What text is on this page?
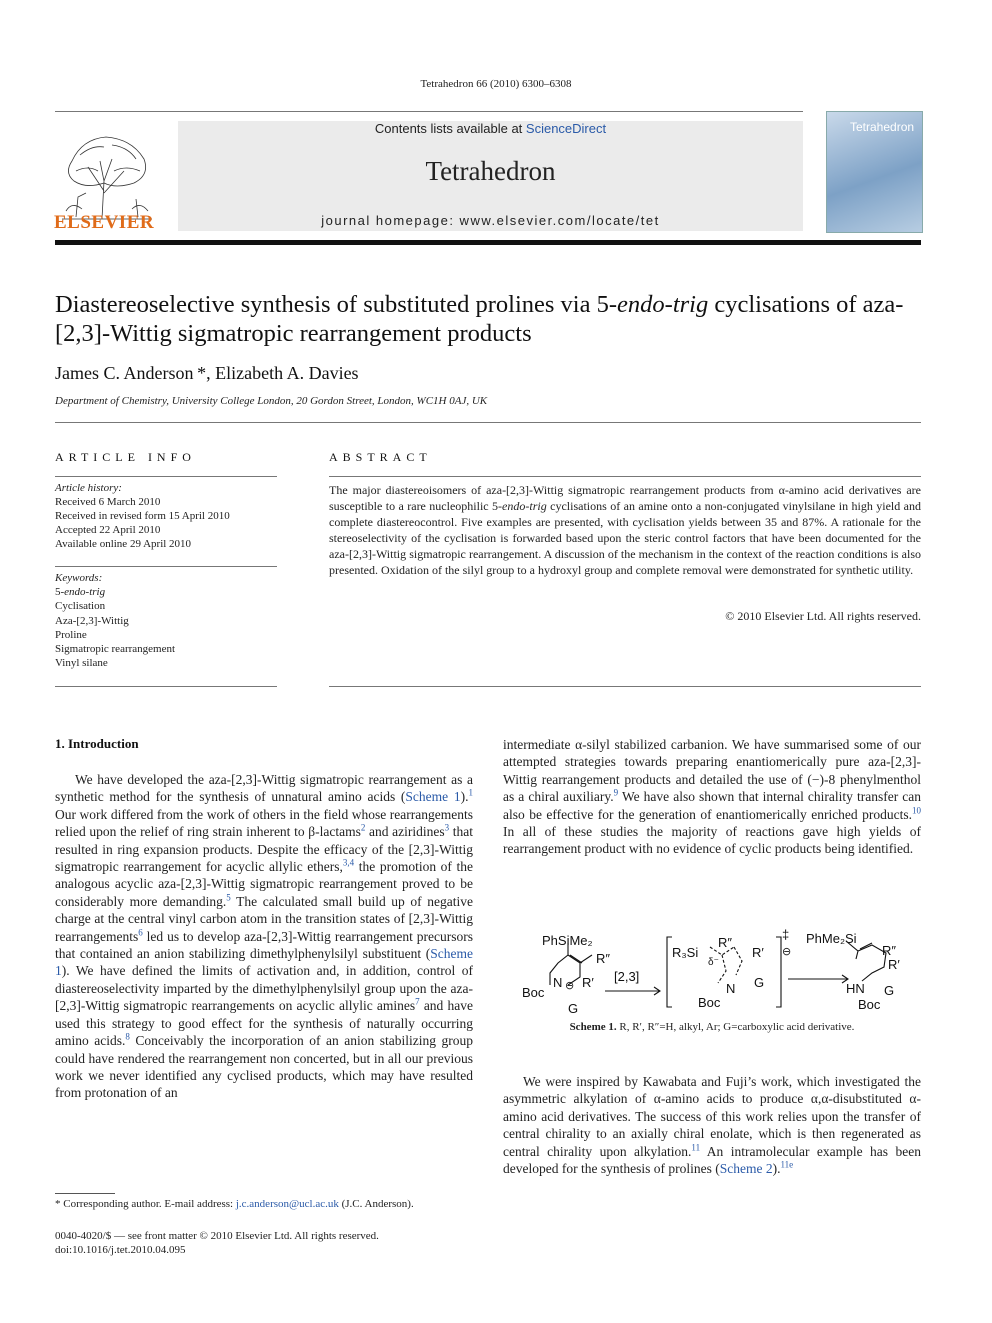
Tetrahedron 66 (2010) 6300–6308
ELSEVIER
Contents lists available at ScienceDirect
Tetrahedron
journal homepage: www.elsevier.com/locate/tet
Tetrahedron
Diastereoselective synthesis of substituted prolines via 5-endo-trig cyclisations of aza-[2,3]-Wittig sigmatropic rearrangement products
James C. Anderson *, Elizabeth A. Davies
Department of Chemistry, University College London, 20 Gordon Street, London, WC1H 0AJ, UK
ARTICLE INFO	ABSTRACT
Article history:
Received 6 March 2010
Received in revised form 15 April 2010
Accepted 22 April 2010
Available online 29 April 2010
Keywords:
5-endo-trig
Cyclisation
Aza-[2,3]-Wittig
Proline
Sigmatropic rearrangement
Vinyl silane
The major diastereoisomers of aza-[2,3]-Wittig sigmatropic rearrangement products from α-amino acid derivatives are susceptible to a rare nucleophilic 5-endo-trig cyclisations of an amine onto a non-conjugated vinylsilane in high yield and complete diastereocontrol. Five examples are presented, with cyclisation yields between 35 and 87%. A rationale for the stereoselectivity of the cyclisation is forwarded based upon the steric control factors that have been documented for the aza-[2,3]-Wittig sigmatropic rearrangement. A discussion of the mechanism in the context of the reaction conditions is also presented. Oxidation of the silyl group to a hydroxyl group and complete removal were demonstrated for synthetic utility.
© 2010 Elsevier Ltd. All rights reserved.
1. Introduction
We have developed the aza-[2,3]-Wittig sigmatropic rearrangement as a synthetic method for the synthesis of unnatural amino acids (Scheme 1).$^1$ Our work differed from the work of others in the field whose rearrangements relied upon the relief of ring strain inherent to β-lactams$^2$ and aziridines$^3$ that resulted in ring expansion products. Despite the efficacy of the [2,3]-Wittig sigmatropic rearrangement for acyclic allylic ethers,$^{3,4}$ the promotion of the analogous acyclic aza-[2,3]-Wittig sigmatropic rearrangement proved to be considerably more demanding.$^5$ The calculated small build up of negative charge at the central vinyl carbon atom in the transition states of [2,3]-Wittig rearrangements$^6$ led us to develop aza-[2,3]-Wittig rearrangement precursors that contained an anion stabilizing dimethylphenylsilyl substituent (Scheme 1). We have defined the limits of activation and, in addition, control of diastereoselectivity imparted by the dimethylphenylsilyl group upon the aza-[2,3]-Wittig sigmatropic rearrangements on acyclic allylic amines$^7$ and have used this strategy to good effect for the synthesis of naturally occurring amino acids.$^8$ Conceivably the incorporation of an anion stabilizing group could have rendered the rearrangement non concerted, but in all our previous work we never identified any cyclised products, which may have resulted from protonation of an
intermediate α-silyl stabilized carbanion. We have summarised some of our attempted strategies towards preparing enantiomerically pure aza-[2,3]-Wittig rearrangement products and detailed the use of (−)-8 phenylmenthol as a chiral auxiliary.$^9$ We have also shown that internal chirality transfer can also be effective for the generation of enantiomerically enriched products.$^{10}$ In all of these studies the majority of reactions gave high yields of rearrangement product with no evidence of cyclic products being identified.
PhSiMe₂
R″
R′
N ⊖
Boc
G
[2,3]
R₃Si
R″
R′
δ⁻
N
Boc
G
‡
⊖
PhMe₂Si
R″
R′
HN
Boc
G
Scheme 1. R, R′, R″=H, alkyl, Ar; G=carboxylic acid derivative.
We were inspired by Kawabata and Fuji’s work, which investigated the asymmetric alkylation of α-amino acids to produce α,α-disubstituted α-amino acid derivatives. The success of this work relies upon the transfer of central chirality to an axially chiral enolate, which is then regenerated as central chirality upon alkylation.$^{11}$ An intramolecular example has been developed for the synthesis of prolines (Scheme 2).$^{11e}$
* Corresponding author. E-mail address: j.c.anderson@ucl.ac.uk (J.C. Anderson).
0040-4020/$ — see front matter © 2010 Elsevier Ltd. All rights reserved.
doi:10.1016/j.tet.2010.04.095
